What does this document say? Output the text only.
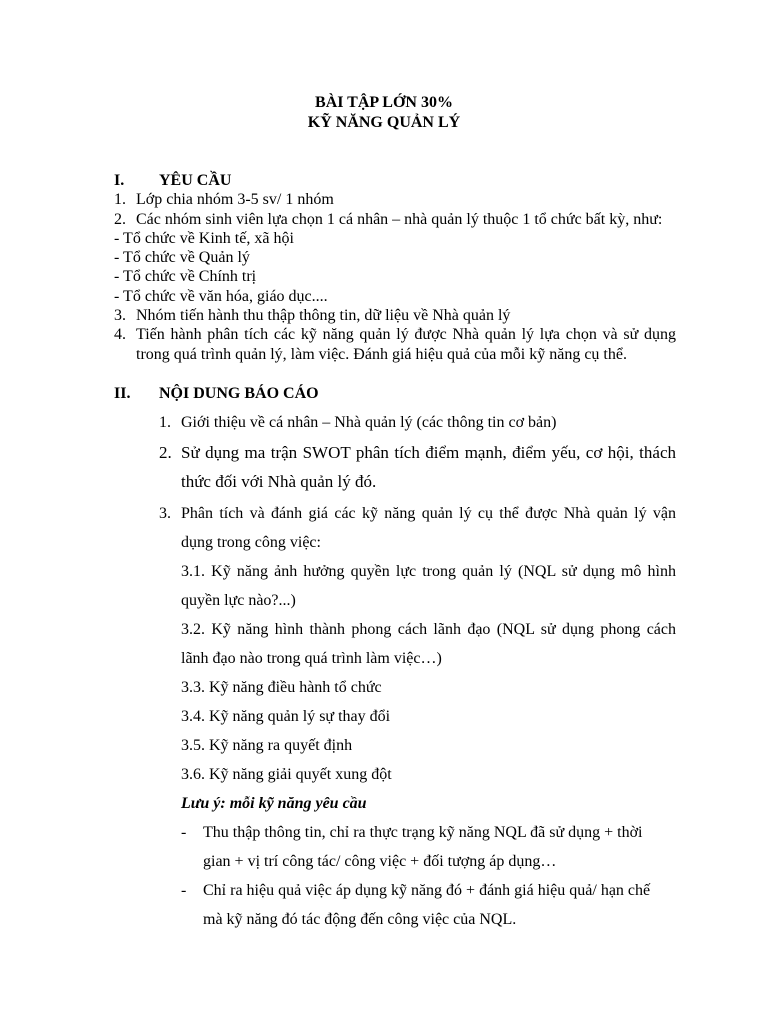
BÀI TẬP LỚN 30%
KỸ NĂNG QUẢN LÝ
I. YÊU CẦU
1. Lớp chia nhóm 3-5 sv/ 1 nhóm
2. Các nhóm sinh viên lựa chọn 1 cá nhân – nhà quản lý thuộc 1 tổ chức bất kỳ, như:
- Tổ chức về Kinh tế, xã hội
- Tổ chức về Quản lý
- Tổ chức về Chính trị
- Tổ chức về văn hóa, giáo dục....
3. Nhóm tiến hành thu thập thông tin, dữ liệu về Nhà quản lý
4. Tiến hành phân tích các kỹ năng quản lý được Nhà quản lý lựa chọn và sử dụng
trong quá trình quản lý, làm việc. Đánh giá hiệu quả của mỗi kỹ năng cụ thể.
II. NỘI DUNG BÁO CÁO
1. Giới thiệu về cá nhân – Nhà quản lý (các thông tin cơ bản)
2. Sử dụng ma trận SWOT phân tích điểm mạnh, điểm yếu, cơ hội, thách
thức đối với Nhà quản lý đó.
3. Phân tích và đánh giá các kỹ năng quản lý cụ thể được Nhà quản lý vận
dụng trong công việc:
3.1. Kỹ năng ảnh hưởng quyền lực trong quản lý (NQL sử dụng mô hình
quyền lực nào?...)
3.2. Kỹ năng hình thành phong cách lãnh đạo (NQL sử dụng phong cách
lãnh đạo nào trong quá trình làm việc…)
3.3. Kỹ năng điều hành tổ chức
3.4. Kỹ năng quản lý sự thay đổi
3.5. Kỹ năng ra quyết định
3.6. Kỹ năng giải quyết xung đột
Lưu ý: mỗi kỹ năng yêu cầu
- Thu thập thông tin, chỉ ra thực trạng kỹ năng NQL đã sử dụng + thời
gian + vị trí công tác/ công việc + đối tượng áp dụng…
- Chỉ ra hiệu quả việc áp dụng kỹ năng đó + đánh giá hiệu quả/ hạn chế
mà kỹ năng đó tác động đến công việc của NQL.
